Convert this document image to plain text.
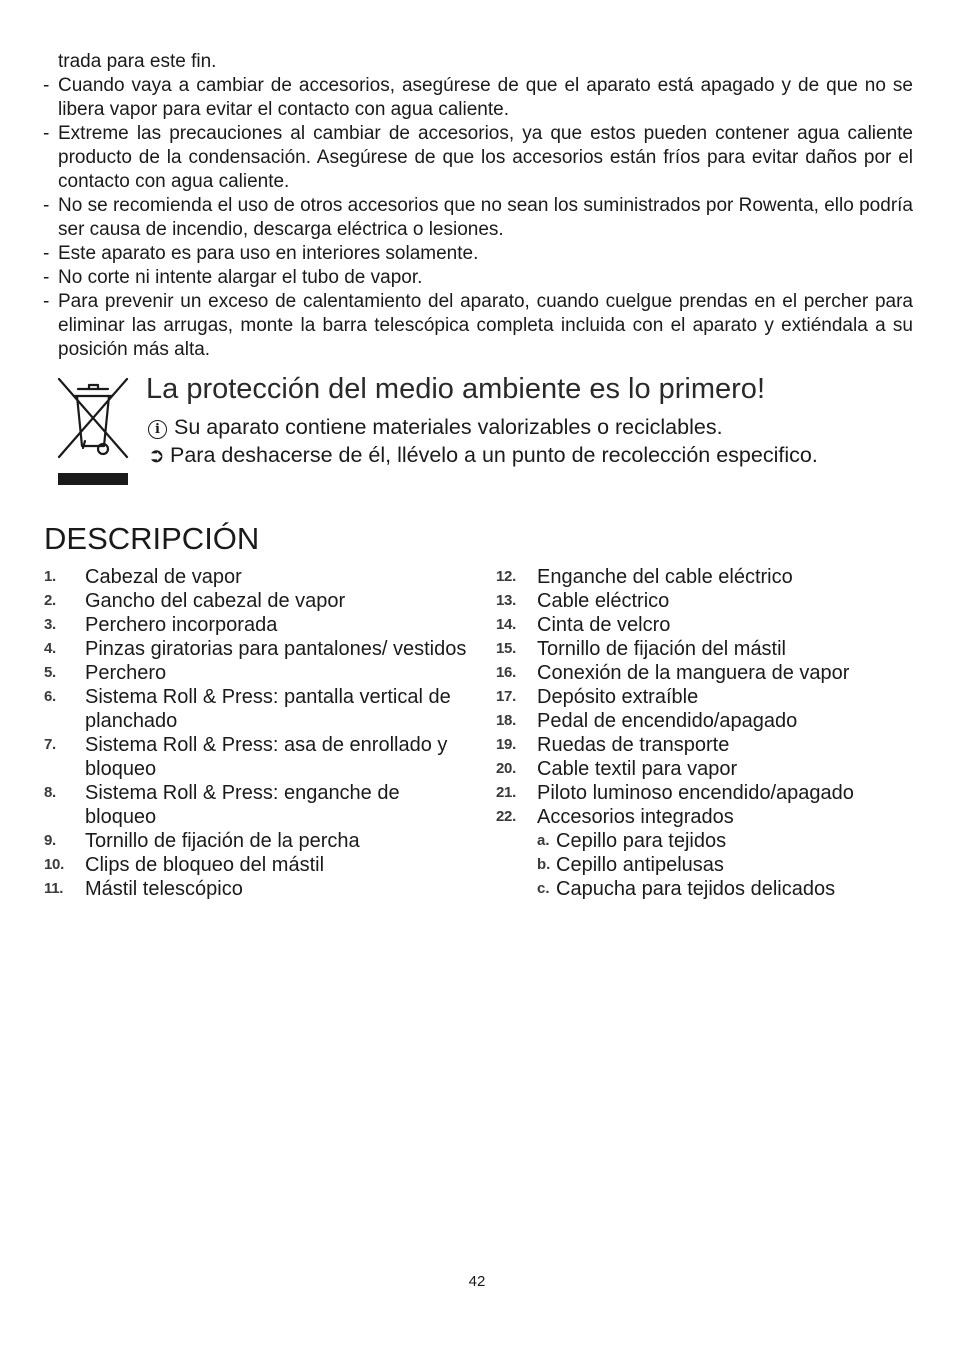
trada para este fin.
- Cuando vaya a cambiar de accesorios, asegúrese de que el aparato está apagado y de que no se libera vapor para evitar el contacto con agua caliente.
- Extreme las precauciones al cambiar de accesorios, ya que estos pueden contener agua caliente producto de la condensación. Asegúrese de que los accesorios están fríos para evitar daños por el contacto con agua caliente.
- No se recomienda el uso de otros accesorios que no sean los suministrados por Rowenta, ello podría ser causa de incendio, descarga eléctrica o lesiones.
- Este aparato es para uso en interiores solamente.
- No corte ni intente alargar el tubo de vapor.
- Para prevenir un exceso de calentamiento del aparato, cuando cuelgue prendas en el percher para eliminar las arrugas, monte la barra telescópica completa incluida con el aparato y extiéndala a su posición más alta.
La protección del medio ambiente es lo primero!
i Su aparato contiene materiales valorizables o reciclables.
➲ Para deshacerse de él, llévelo a un punto de recolección especifico.
DESCRIPCIÓN
1. Cabezal de vapor
2. Gancho del cabezal de vapor
3. Perchero incorporada
4. Pinzas giratorias para pantalones/ vestidos
5. Perchero
6. Sistema Roll & Press: pantalla vertical de planchado
7. Sistema Roll & Press: asa de enrollado y bloqueo
8. Sistema Roll & Press: enganche de bloqueo
9. Tornillo de fijación de la percha
10. Clips de bloqueo del mástil
11. Mástil telescópico
12. Enganche del cable eléctrico
13. Cable eléctrico
14. Cinta de velcro
15. Tornillo de fijación del mástil
16. Conexión de la manguera de vapor
17. Depósito extraíble
18. Pedal de encendido/apagado
19. Ruedas de transporte
20. Cable textil para vapor
21. Piloto luminoso encendido/apagado
22. Accesorios integrados
a. Cepillo para tejidos
b. Cepillo antipelusas
c. Capucha para tejidos delicados
42
